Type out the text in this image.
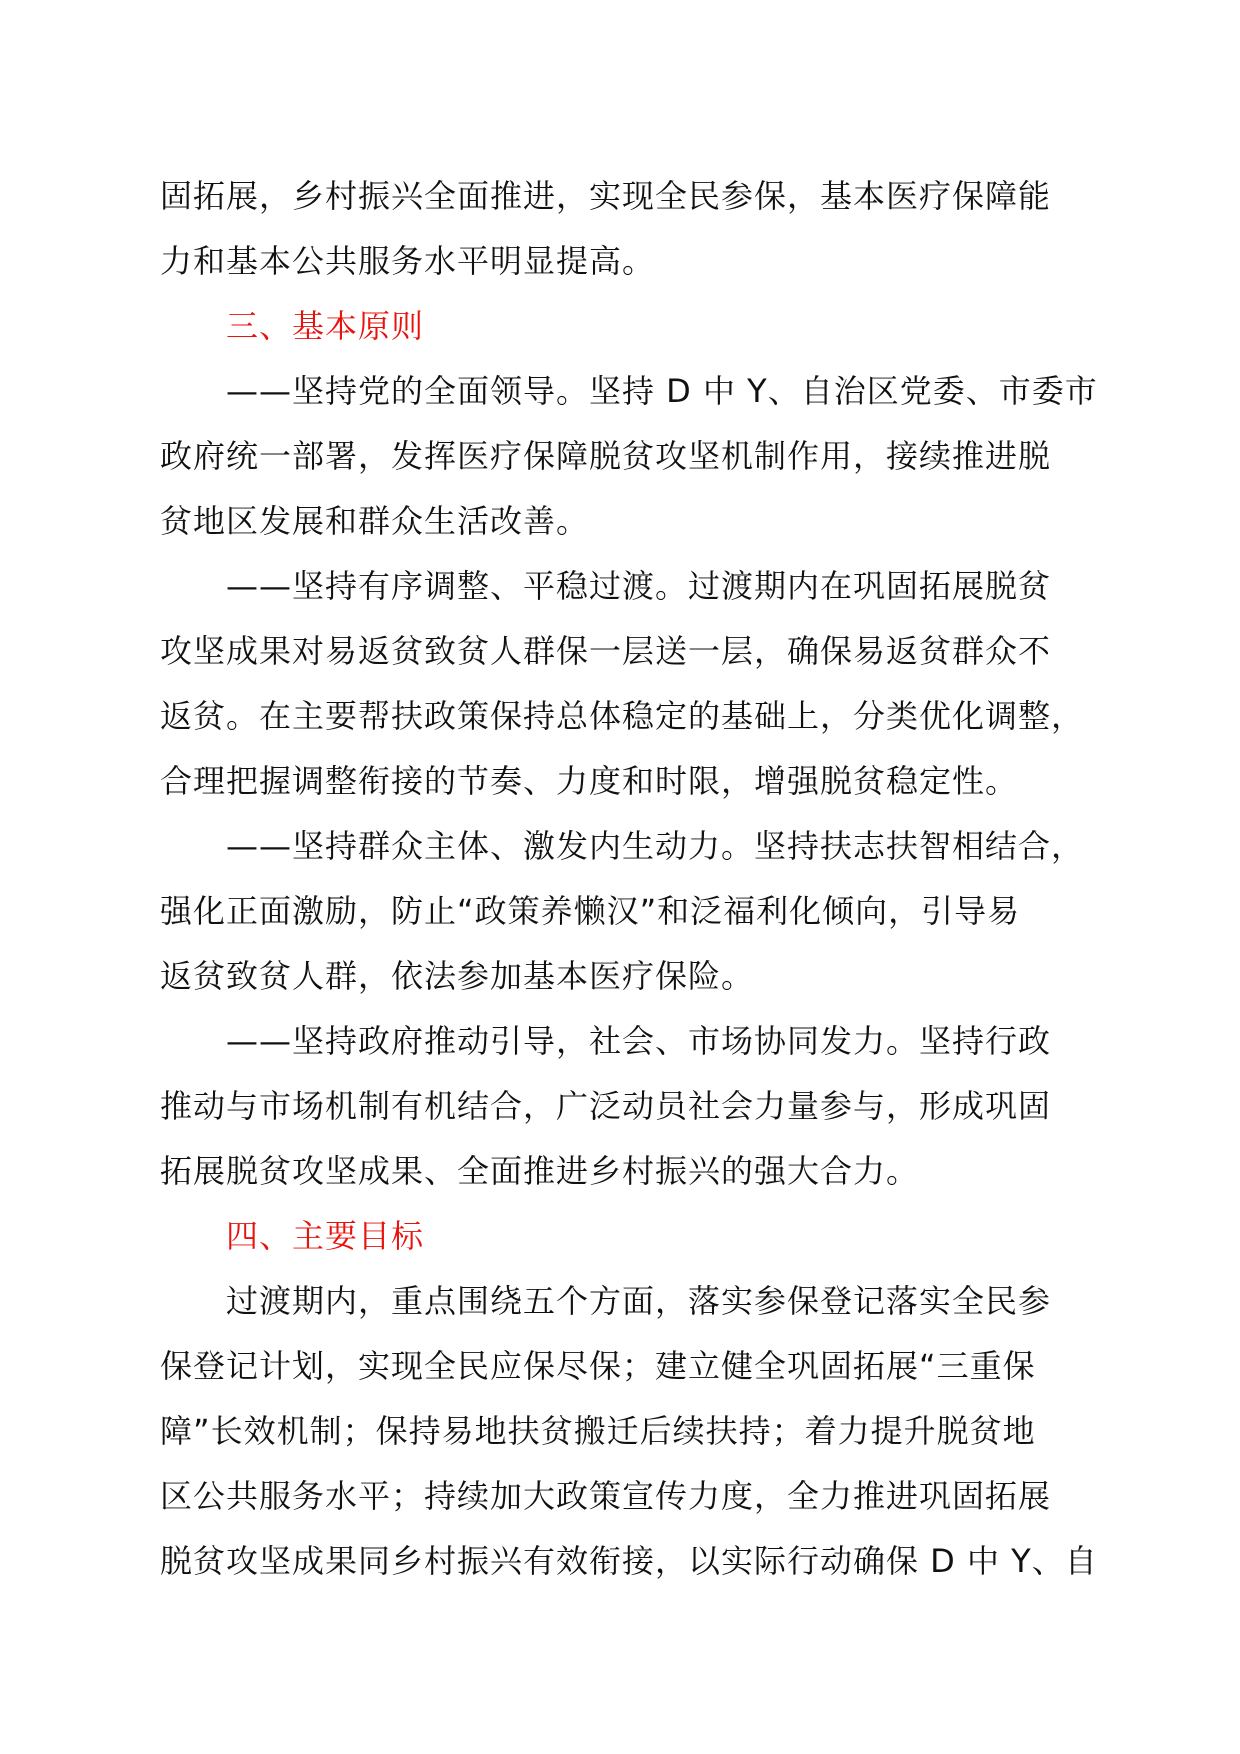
固拓展，乡村振兴全面推进，实现全民参保，基本医疗保障能
力和基本公共服务水平明显提高。
三、基本原则
——坚持党的全面领导。坚持 D 中 Y、自治区党委、市委市
政府统一部署，发挥医疗保障脱贫攻坚机制作用，接续推进脱
贫地区发展和群众生活改善。
——坚持有序调整、平稳过渡。过渡期内在巩固拓展脱贫
攻坚成果对易返贫致贫人群保一层送一层，确保易返贫群众不
返贫。在主要帮扶政策保持总体稳定的基础上，分类优化调整，
合理把握调整衔接的节奏、力度和时限，增强脱贫稳定性。
——坚持群众主体、激发内生动力。坚持扶志扶智相结合，
强化正面激励，防止“政策养懒汉”和泛福利化倾向，引导易
返贫致贫人群，依法参加基本医疗保险。
——坚持政府推动引导，社会、市场协同发力。坚持行政
推动与市场机制有机结合，广泛动员社会力量参与，形成巩固
拓展脱贫攻坚成果、全面推进乡村振兴的强大合力。
四、主要目标
过渡期内，重点围绕五个方面，落实参保登记落实全民参
保登记计划，实现全民应保尽保；建立健全巩固拓展“三重保
障”长效机制；保持易地扶贫搬迁后续扶持；着力提升脱贫地
区公共服务水平；持续加大政策宣传力度，全力推进巩固拓展
脱贫攻坚成果同乡村振兴有效衔接，以实际行动确保 D 中 Y、自
